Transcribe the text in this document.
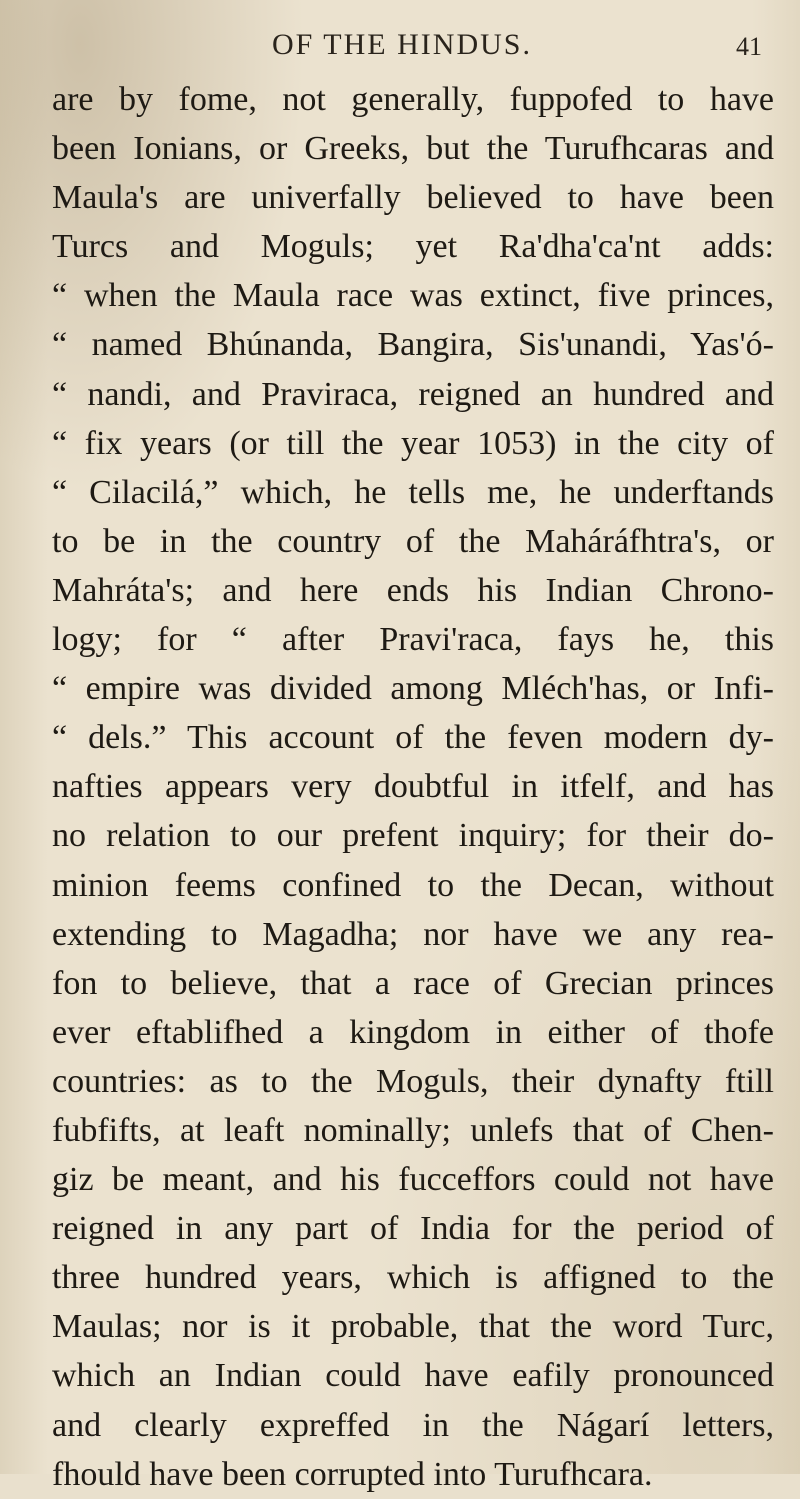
OF THE HINDUS.	41
are by fome, not generally, fuppofed to have
been Ionians, or Greeks, but the Turufhcaras and
Maula's are univerfally believed to have been
Turcs and Moguls; yet Ra'dha'ca'nt adds:
“ when the Maula race was extinct, five princes,
“ named Bhúnanda, Bangira, Sis'unandi, Yas'ó-
“ nandi, and Praviraca, reigned an hundred and
“ fix years (or till the year 1053) in the city of
“ Cilacilá,” which, he tells me, he underftands
to be in the country of the Maháráfhtra's, or
Mahráta's; and here ends his Indian Chrono-
logy; for “ after Pravi'raca, fays he, this
“ empire was divided among Mléch'has, or Infi-
“ dels.” This account of the feven modern dy-
nafties appears very doubtful in itfelf, and has
no relation to our prefent inquiry; for their do-
minion feems confined to the Decan, without
extending to Magadha; nor have we any rea-
fon to believe, that a race of Grecian princes
ever eftablifhed a kingdom in either of thofe
countries: as to the Moguls, their dynafty ftill
fubfifts, at leaft nominally; unlefs that of Chen-
giz be meant, and his fucceffors could not have
reigned in any part of India for the period of
three hundred years, which is affigned to the
Maulas; nor is it probable, that the word Turc,
which an Indian could have eafily pronounced
and clearly expreffed in the Nágarí letters,
fhould have been corrupted into Turufhcara.
